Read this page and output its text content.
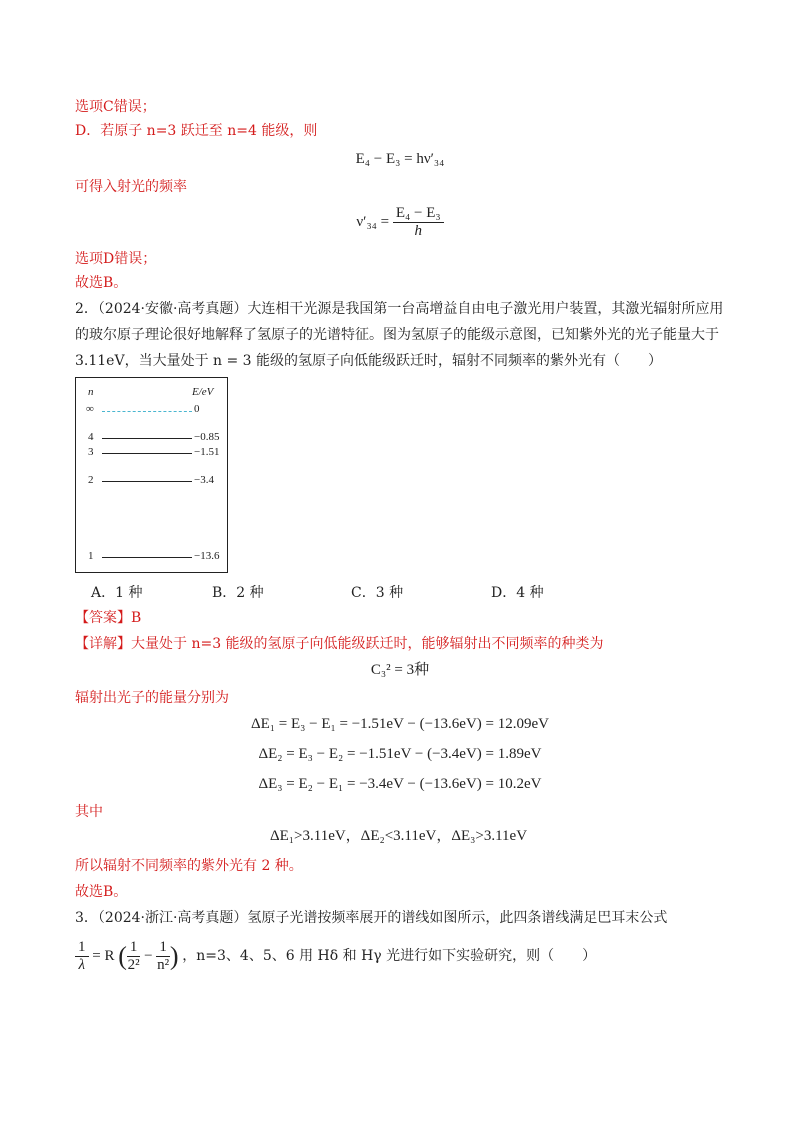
选项C错误；
D．若原子 n=3 跃迁至 n=4 能级，则
E₄ − E₃ = hν′₃₄
可得入射光的频率
$\nu'_{34} = \frac{\text{E₄ − E₃}}{h}$
选项D错误；
故选B。
2．（2024·安徽·高考真题）大连相干光源是我国第一台高增益自由电子激光用户装置，其激光辐射所应用
的玻尔原子理论很好地解释了氢原子的光谱特征。图为氢原子的能级示意图，已知紫外光的光子能量大于
3.11eV，当大量处于 n = 3 能级的氢原子向低能级跃迁时，辐射不同频率的紫外光有（　　）
n	E/eV
∞	0
4	−0.85
3	−1.51
2	−3.4
1	−13.6
A．1 种	B．2 种	C．3 种	D．4 种
【答案】B
【详解】大量处于 n=3 能级的氢原子向低能级跃迁时，能够辐射出不同频率的种类为
C₃² = 3种
辐射出光子的能量分别为
ΔE₁ = E₃ − E₁ = −1.51eV − (−13.6eV) = 12.09eV
ΔE₂ = E₃ − E₂ = −1.51eV − (−3.4eV) = 1.89eV
ΔE₃ = E₂ − E₁ = −3.4eV − (−13.6eV) = 10.2eV
其中
ΔE₁>3.11eV，ΔE₂<3.11eV，ΔE₃>3.11eV
所以辐射不同频率的紫外光有 2 种。
故选B。
3．（2024·浙江·高考真题）氢原子光谱按频率展开的谱线如图所示，此四条谱线满足巴耳末公式
$\frac{1}{\lambda} = R$ ( $\frac{1}{\text{2²}} - \frac{1}{\text{n²}}$ ) ，n=3、4、5、6 用 Hδ 和 Hγ 光进行如下实验研究，则（　　）
